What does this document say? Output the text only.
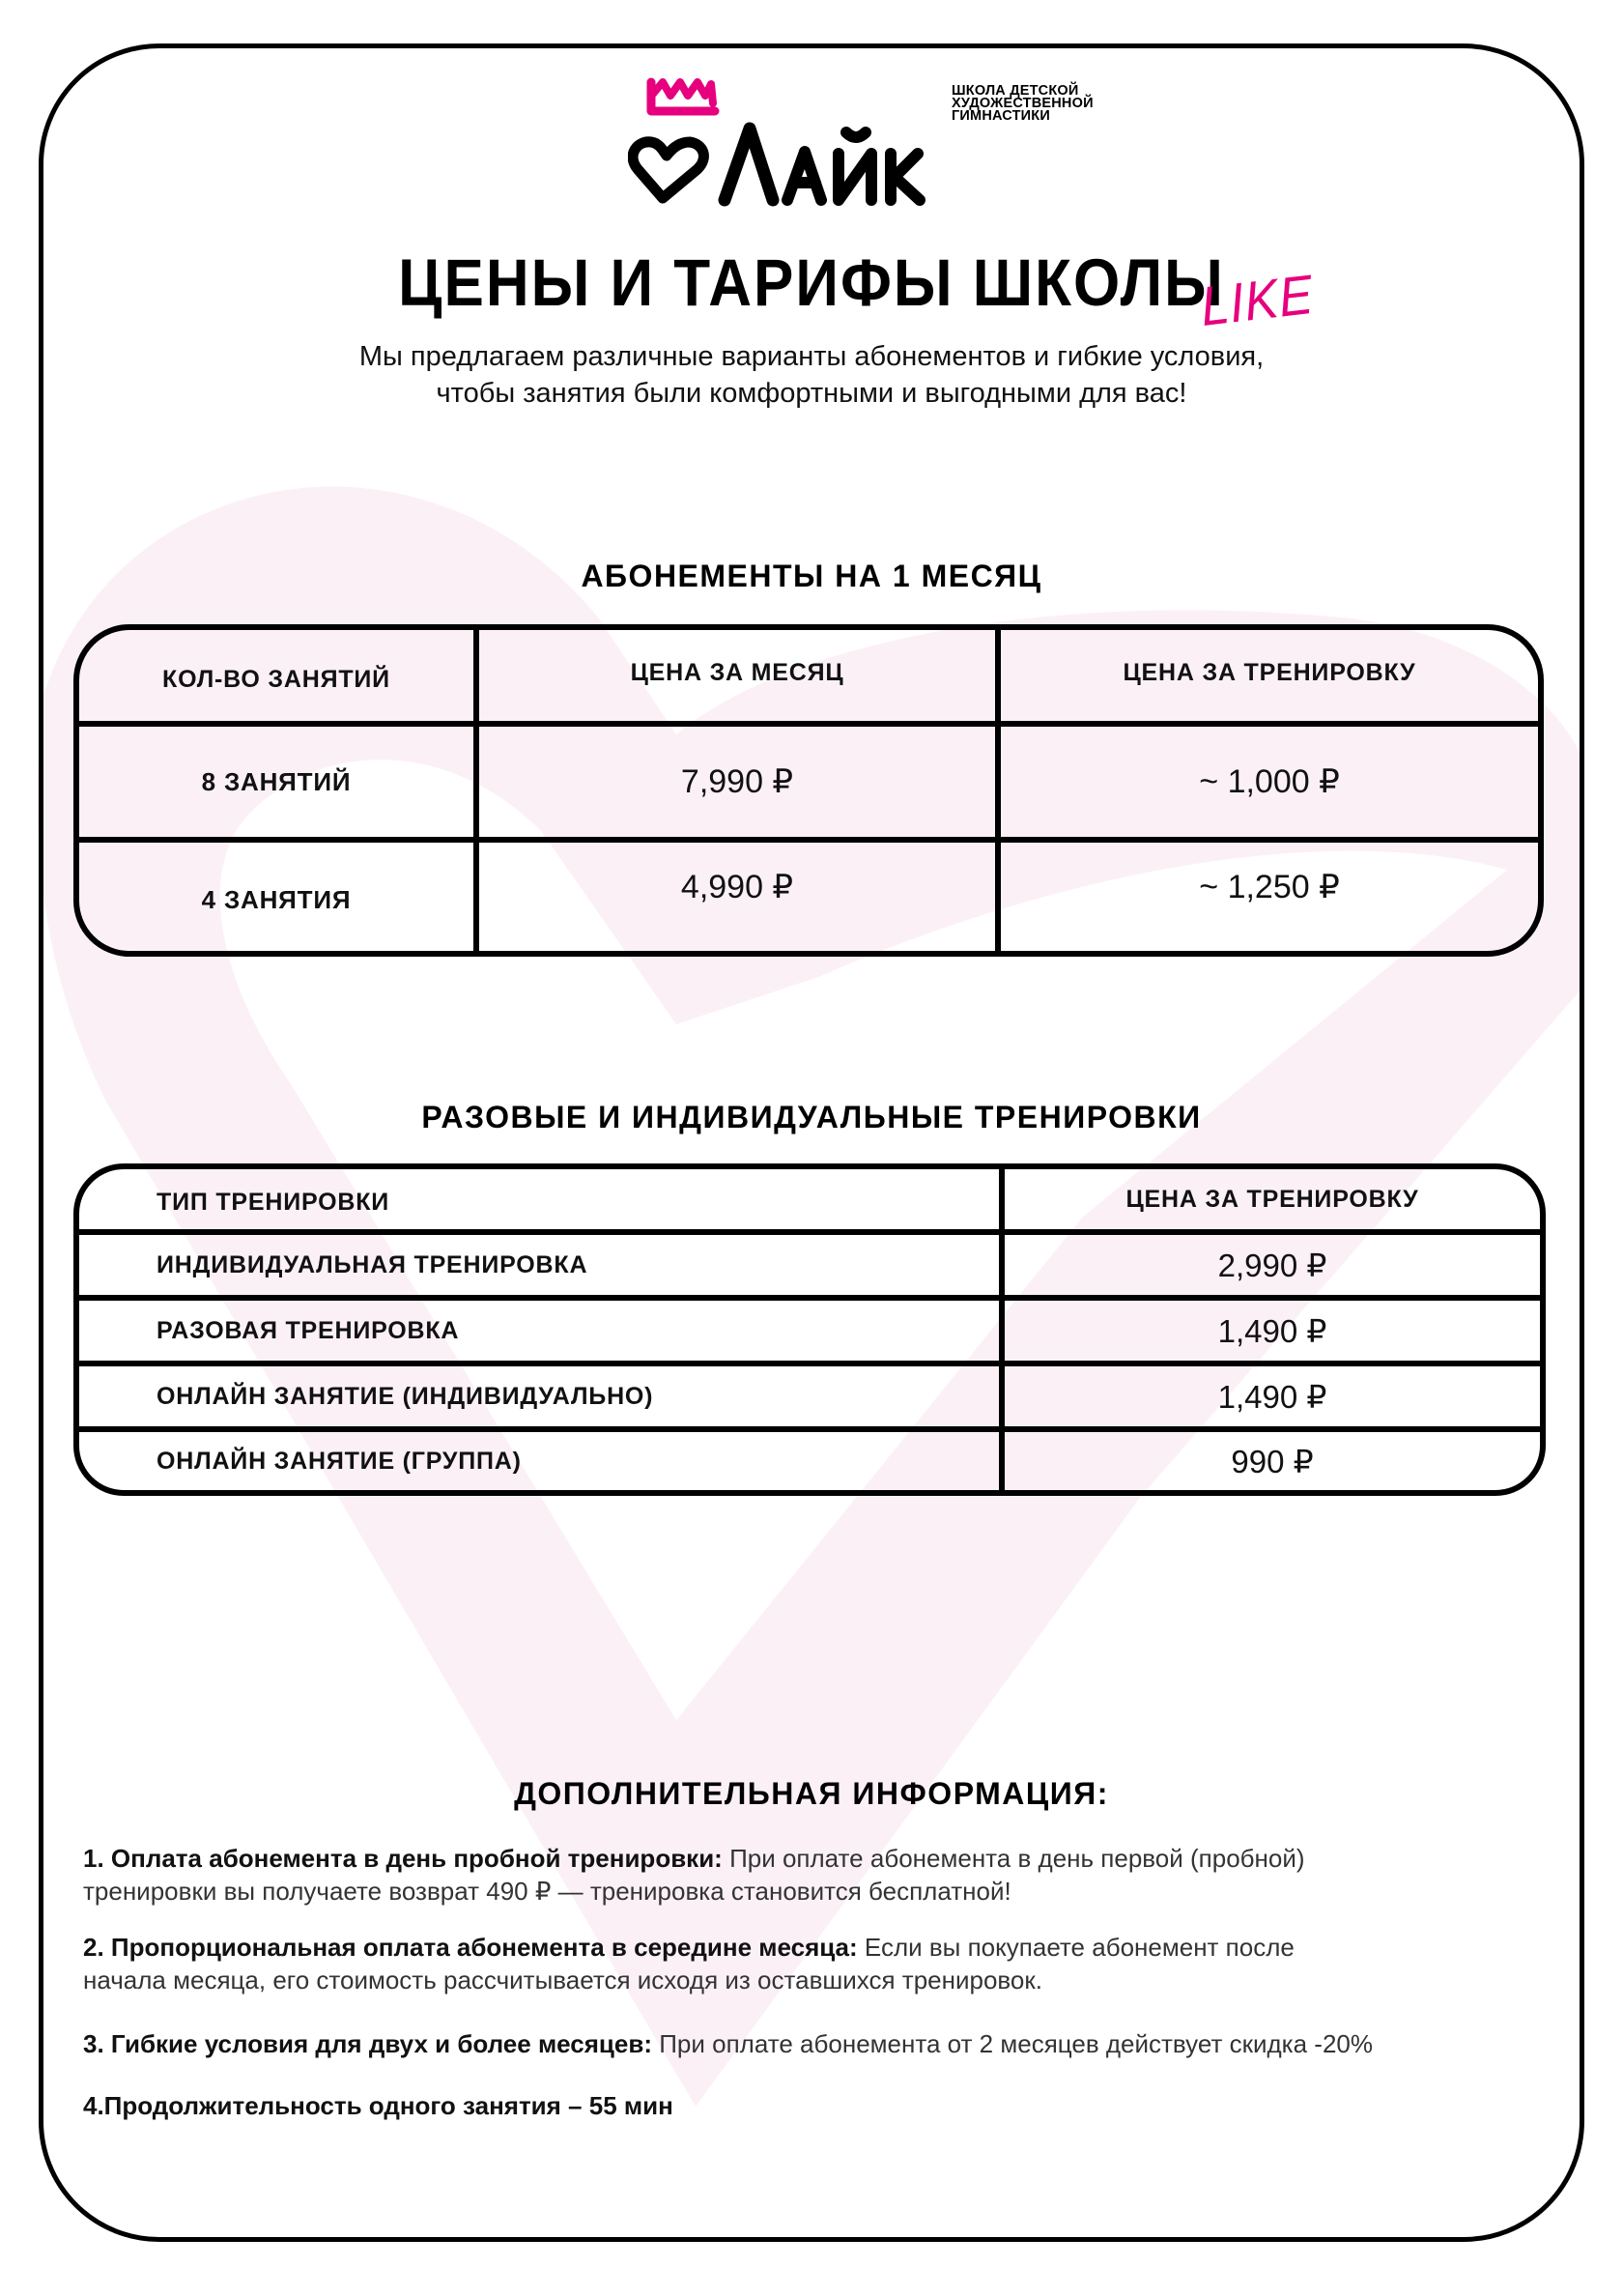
ШКОЛА ДЕТСКОЙ
ХУДОЖЕСТВЕННОЙ
ГИМНАСТИКИ
ЦЕНЫ И ТАРИФЫ ШКОЛЫ
LIKE
Мы предлагаем различные варианты абонементов и гибкие условия,
чтобы занятия были комфортными и выгодными для вас!
АБОНЕМЕНТЫ НА 1 МЕСЯЦ
КОЛ-ВО ЗАНЯТИЙ	ЦЕНА ЗА МЕСЯЦ	ЦЕНА ЗА ТРЕНИРОВКУ
8 ЗАНЯТИЙ	7,990 ₽	~ 1,000 ₽
4 ЗАНЯТИЯ	4,990 ₽	~ 1,250 ₽
РАЗОВЫЕ И ИНДИВИДУАЛЬНЫЕ ТРЕНИРОВКИ
ТИП ТРЕНИРОВКИ	ЦЕНА ЗА ТРЕНИРОВКУ
ИНДИВИДУАЛЬНАЯ ТРЕНИРОВКА	2,990 ₽
РАЗОВАЯ ТРЕНИРОВКА	1,490 ₽
ОНЛАЙН ЗАНЯТИЕ (ИНДИВИДУАЛЬНО)	1,490 ₽
ОНЛАЙН ЗАНЯТИЕ (ГРУППА)	990 ₽
ДОПОЛНИТЕЛЬНАЯ ИНФОРМАЦИЯ:
1. Оплата абонемента в день пробной тренировки: При оплате абонемента в день первой (пробной)
тренировки вы получаете возврат 490 ₽ — тренировка становится бесплатной!
2. Пропорциональная оплата абонемента в середине месяца: Если вы покупаете абонемент после
начала месяца, его стоимость рассчитывается исходя из оставшихся тренировок.
3. Гибкие условия для двух и более месяцев: При оплате абонемента от 2 месяцев действует скидка -20%
4.Продолжительность одного занятия – 55 мин
